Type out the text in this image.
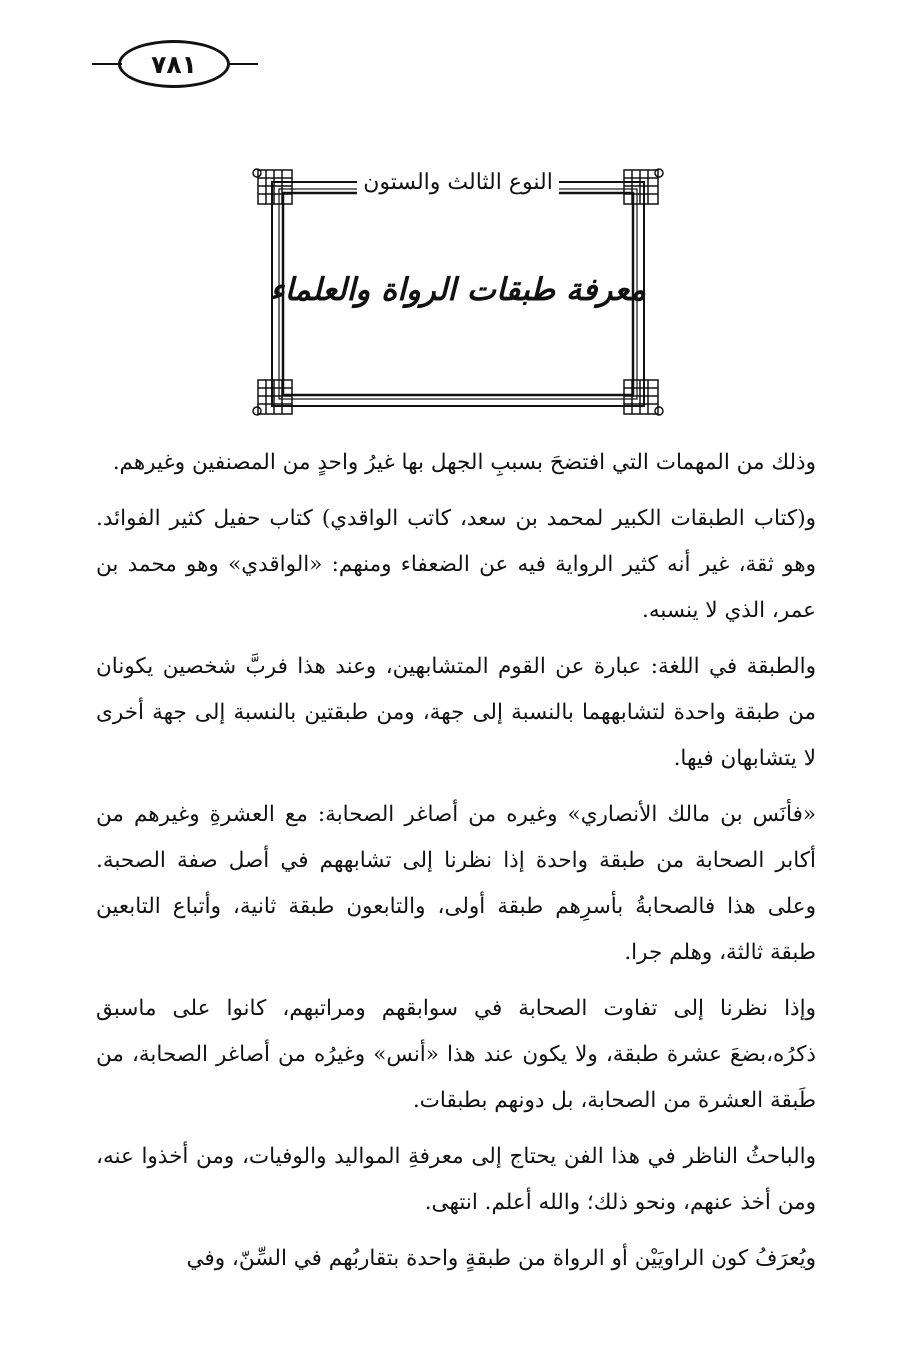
٧٨١
النوع الثالث والستون
معرفة طبقات الرواة والعلماء

وذلك من المهمات التي افتضحَ بسببِ الجهل بها غيرُ واحدٍ من المصنفين وغيرهم.

و(كتاب الطبقات الكبير لمحمد بن سعد، كاتب الواقدي) كتاب حفيل كثير الفوائد. وهو ثقة، غير أنه كثير الرواية فيه عن الضعفاء ومنهم: «الواقدي» وهو محمد بن عمر، الذي لا ينسبه.

والطبقة في اللغة: عبارة عن القوم المتشابهين، وعند هذا فربَّ شخصين يكونان من طبقة واحدة لتشابههما بالنسبة إلى جهة، ومن طبقتين بالنسبة إلى جهة أخرى لا يتشابهان فيها.

«فأنَس بن مالك الأنصاري» وغيره من أصاغر الصحابة: مع العشرةِ وغيرهم من أكابر الصحابة من طبقة واحدة إذا نظرنا إلى تشابههم في أصل صفة الصحبة. وعلى هذا فالصحابةُ بأسرِهم طبقة أولى، والتابعون طبقة ثانية، وأتباع التابعين طبقة ثالثة، وهلم جرا.

وإذا نظرنا إلى تفاوت الصحابة في سوابقهم ومراتبهم، كانوا على ماسبق ذكرُه،بضعَ عشرة طبقة، ولا يكون عند هذا «أنس» وغيرُه من أصاغر الصحابة، من طَبقة العشرة من الصحابة، بل دونهم بطبقات.

والباحثُ الناظر في هذا الفن يحتاج إلى معرفةِ المواليد والوفيات، ومن أخذوا عنه، ومن أخذ عنهم، ونحو ذلك؛ والله أعلم. انتهى.

ويُعرَفُ كون الراويَيْن أو الرواة من طبقةٍ واحدة بتقاربُهم في السِّنّ، وفي
